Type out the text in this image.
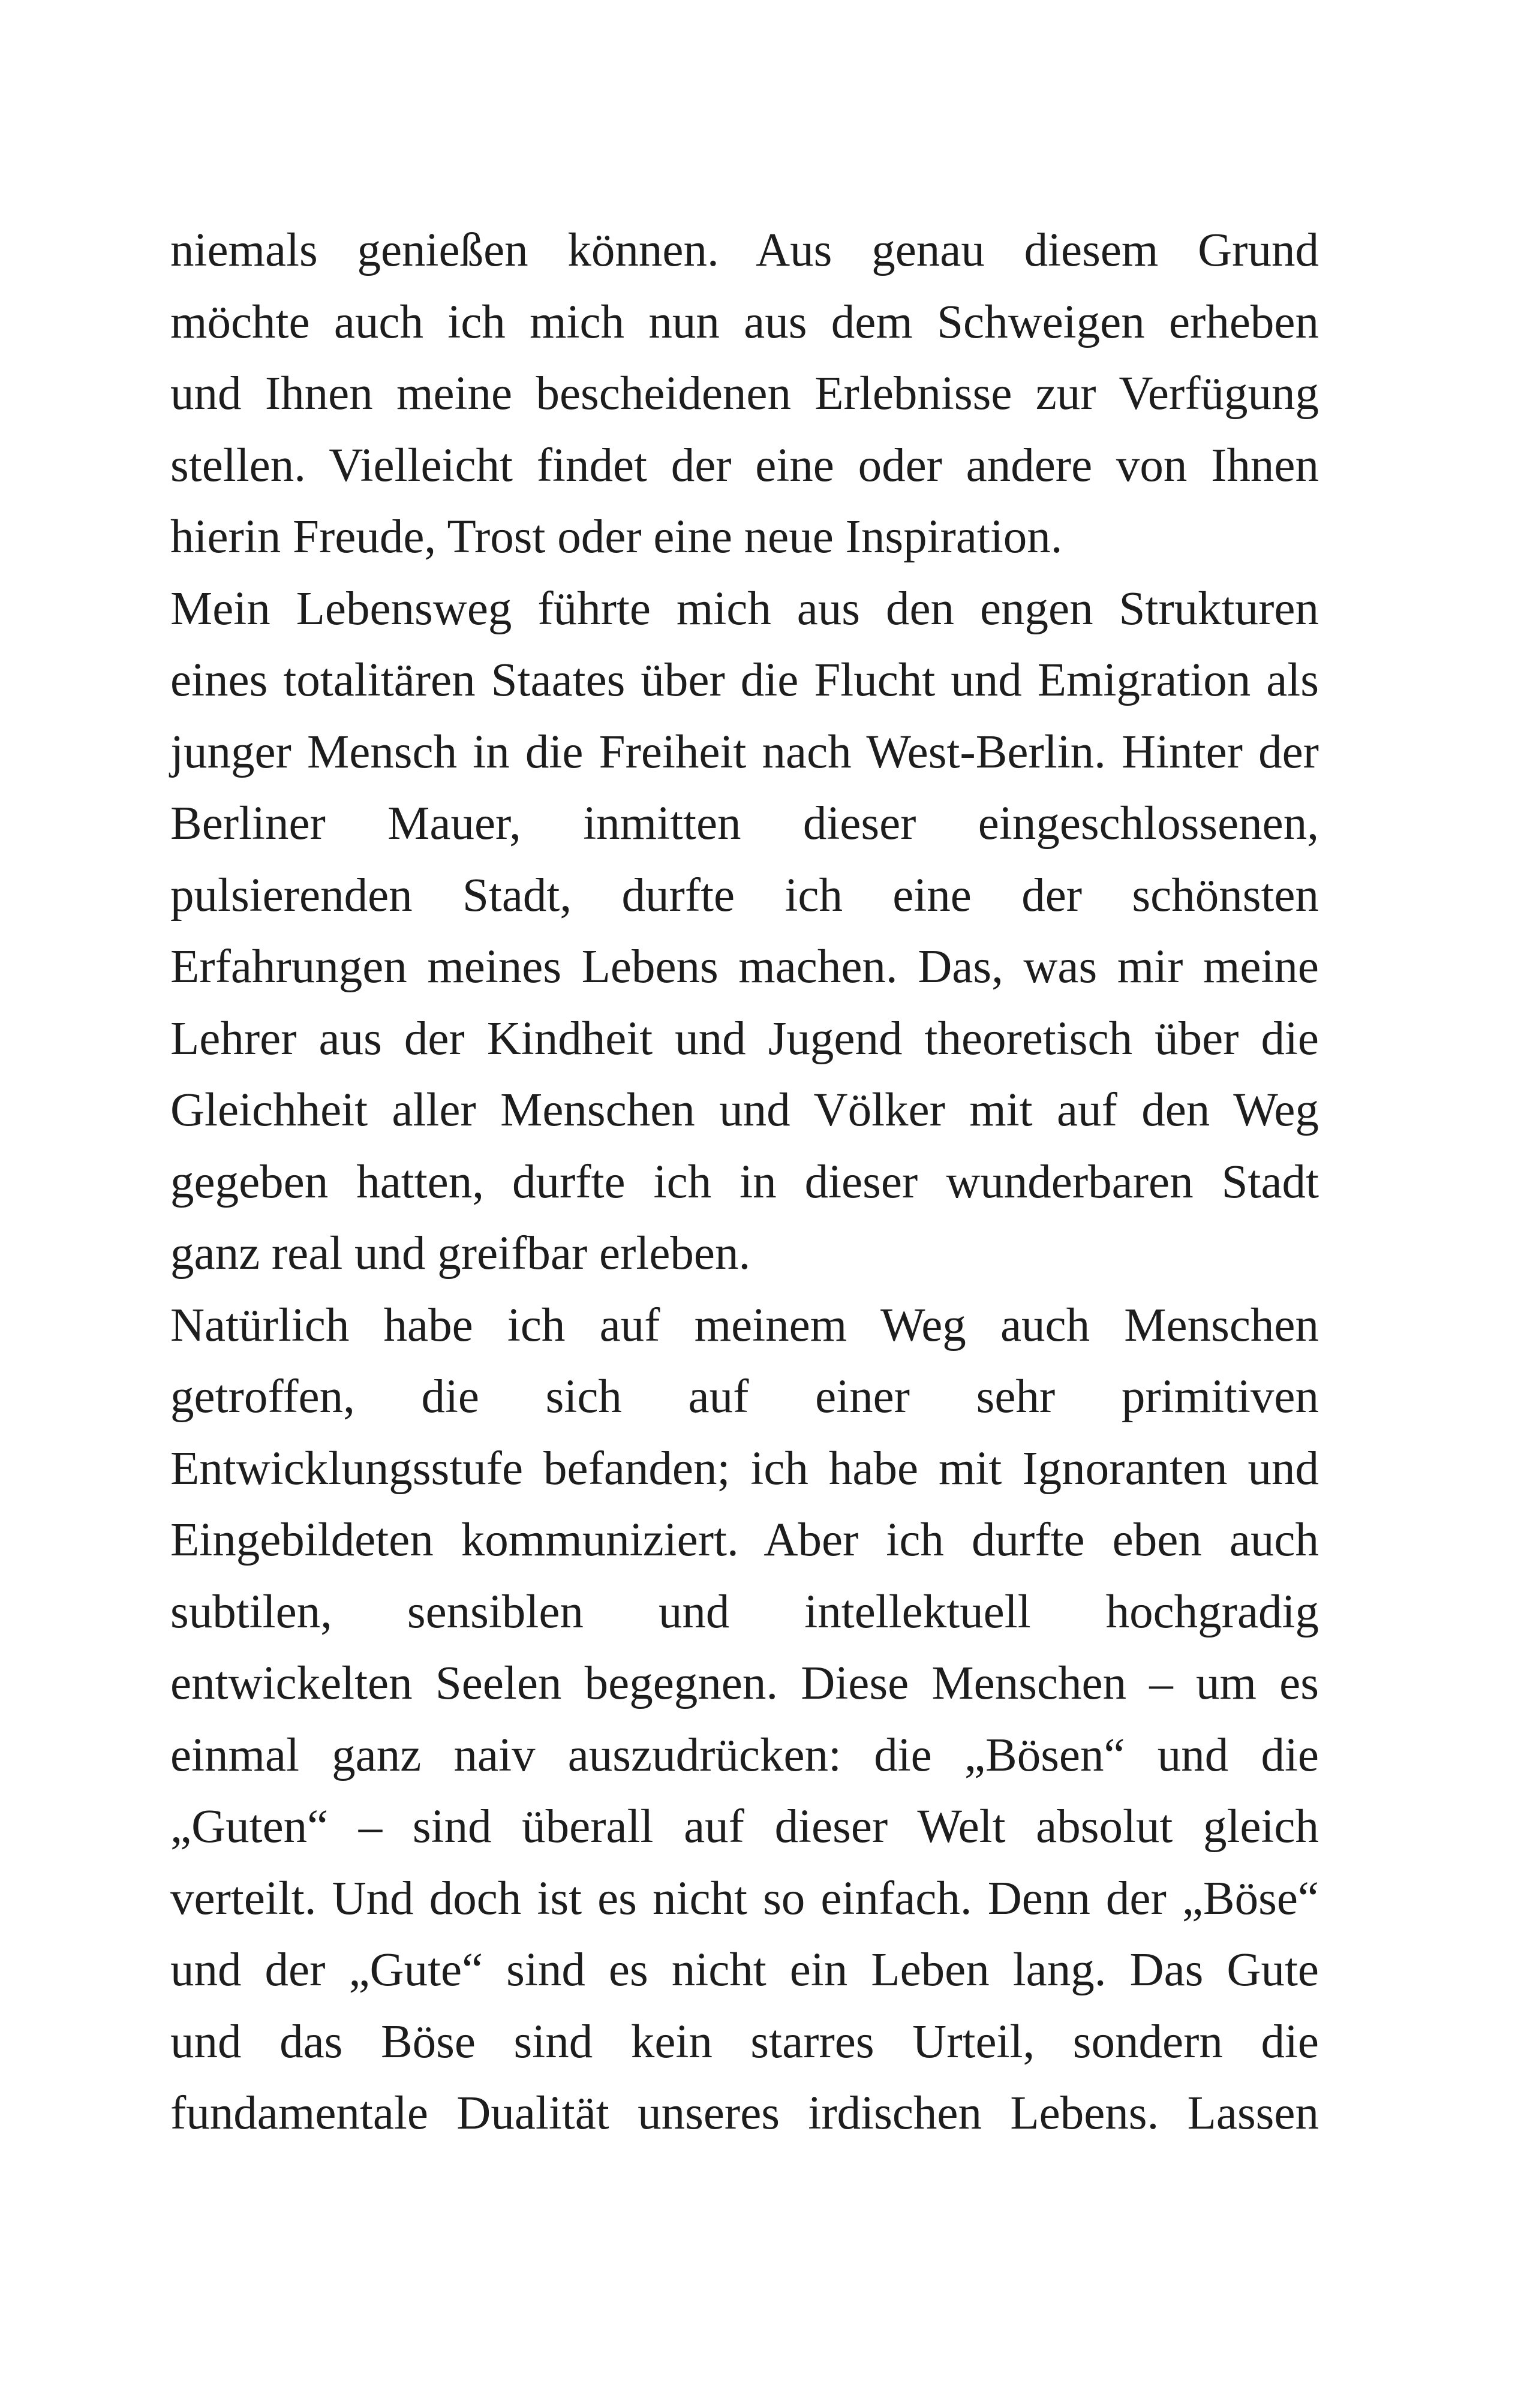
niemals genießen können. Aus genau diesem Grund
möchte auch ich mich nun aus dem Schweigen erheben
und Ihnen meine bescheidenen Erlebnisse zur Verfügung
stellen. Vielleicht findet der eine oder andere von Ihnen
hierin Freude, Trost oder eine neue Inspiration.
Mein Lebensweg führte mich aus den engen Strukturen
eines totalitären Staates über die Flucht und Emigration als
junger Mensch in die Freiheit nach West-Berlin. Hinter der
Berliner Mauer, inmitten dieser eingeschlossenen,
pulsierenden Stadt, durfte ich eine der schönsten
Erfahrungen meines Lebens machen. Das, was mir meine
Lehrer aus der Kindheit und Jugend theoretisch über die
Gleichheit aller Menschen und Völker mit auf den Weg
gegeben hatten, durfte ich in dieser wunderbaren Stadt
ganz real und greifbar erleben.
Natürlich habe ich auf meinem Weg auch Menschen
getroffen, die sich auf einer sehr primitiven
Entwicklungsstufe befanden; ich habe mit Ignoranten und
Eingebildeten kommuniziert. Aber ich durfte eben auch
subtilen, sensiblen und intellektuell hochgradig
entwickelten Seelen begegnen. Diese Menschen – um es
einmal ganz naiv auszudrücken: die „Bösen“ und die
„Guten“ – sind überall auf dieser Welt absolut gleich
verteilt. Und doch ist es nicht so einfach. Denn der „Böse“
und der „Gute“ sind es nicht ein Leben lang. Das Gute
und das Böse sind kein starres Urteil, sondern die
fundamentale Dualität unseres irdischen Lebens. Lassen
